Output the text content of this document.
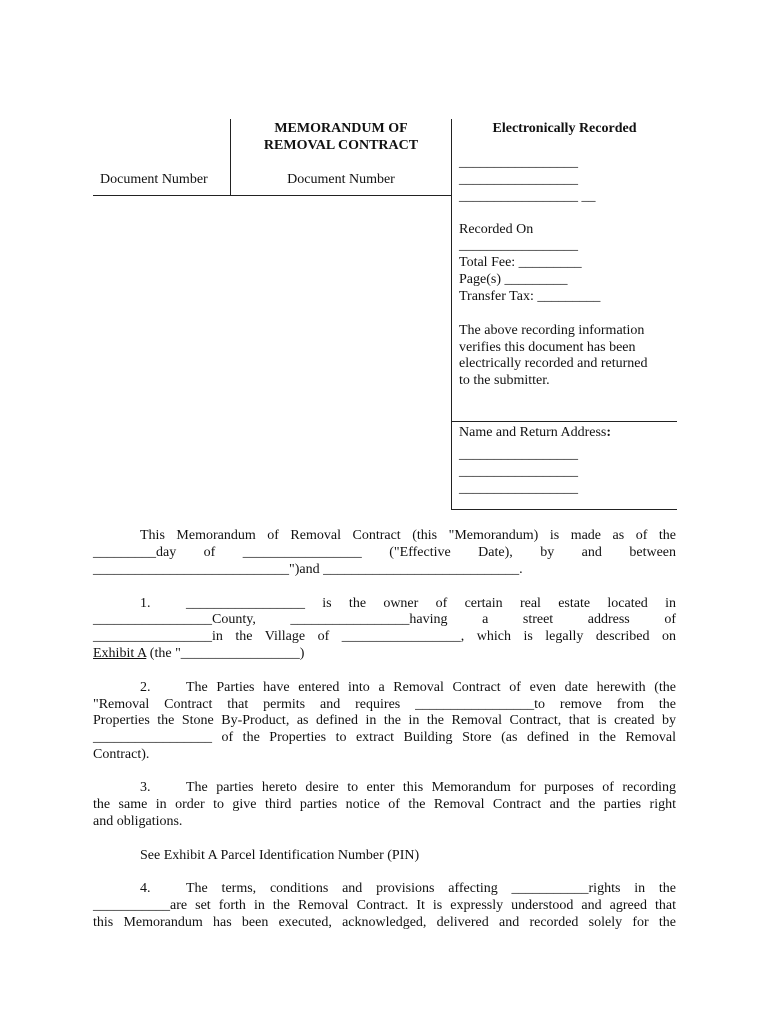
Document Number
MEMORANDUM OF
REMOVAL CONTRACT
Document Number
Electronically Recorded
_________________
_________________
_________________ __
Recorded On
_________________
Total Fee: _________
Page(s) _________
Transfer Tax: _________
The above recording information
verifies this document has been
electrically recorded and returned
to the submitter.
Name and Return Address:
_________________
_________________
_________________
This Memorandum of Removal Contract (this "Memorandum) is made as of the
_________day of _________________ ("Effective Date), by and between
____________________________")and ____________________________.
1.	_________________ is the owner of certain real estate located in
_________________County, _________________having a street address of
_________________in the Village of _________________, which is legally described on
Exhibit A (the "_________________)
2.	The Parties have entered into a Removal Contract of even date herewith (the
"Removal Contract that permits and requires _________________to remove from the
Properties the Stone By-Product, as defined in the in the Removal Contract, that is created by
_________________ of the Properties to extract Building Store (as defined in the Removal
Contract).
3.	The parties hereto desire to enter this Memorandum for purposes of recording
the same in order to give third parties notice of the Removal Contract and the parties right
and obligations.
See Exhibit A Parcel Identification Number (PIN)
4.	The terms, conditions and provisions affecting ___________rights in the
___________are set forth in the Removal Contract. It is expressly understood and agreed that
this Memorandum has been executed, acknowledged, delivered and recorded solely for the
